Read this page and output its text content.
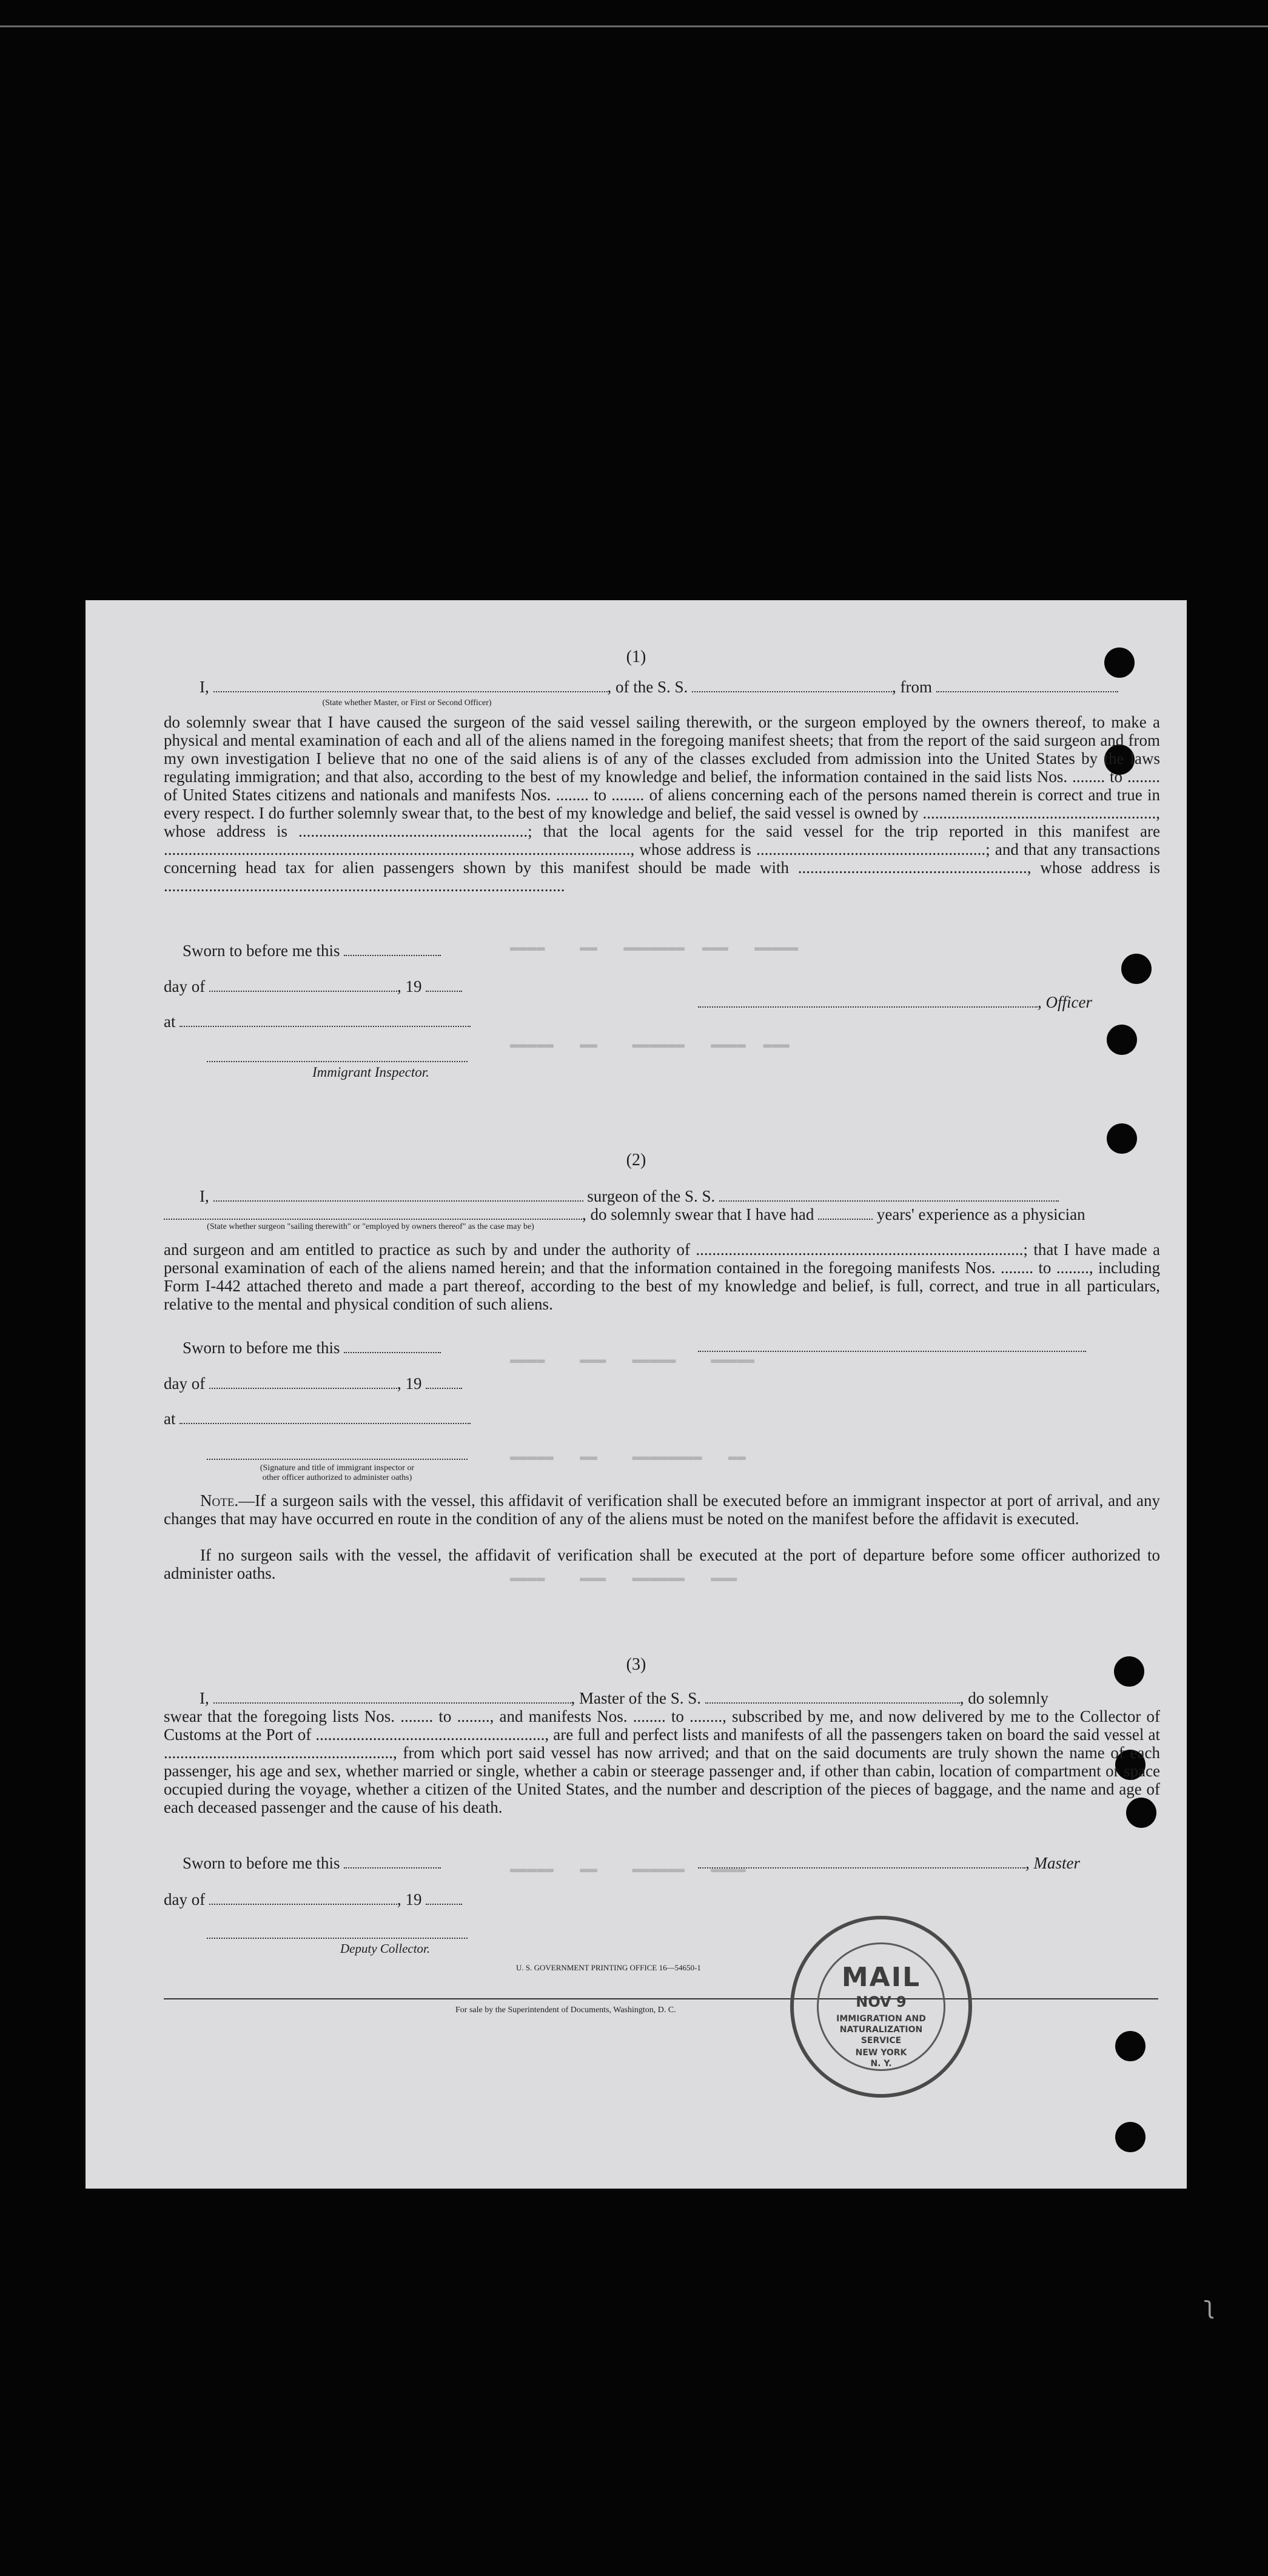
▬▬▬▬    ▬▬   ▬▬▬▬▬▬▬  ▬▬▬   ▬▬▬▬▬
▬▬▬▬▬   ▬▬    ▬▬▬▬▬▬   ▬▬▬▬  ▬▬▬
▬▬▬▬    ▬▬▬   ▬▬▬▬▬    ▬▬▬▬▬
▬▬▬▬▬   ▬▬    ▬▬▬▬▬▬▬▬   ▬▬
▬▬▬▬    ▬▬▬   ▬▬▬▬▬▬   ▬▬▬
▬▬▬▬▬   ▬▬    ▬▬▬▬▬▬   ▬▬▬▬
(1)
I,	, of the S. S.	, from
(State whether Master, or First or Second Officer)
do solemnly swear that I have caused the surgeon of the said vessel sailing therewith, or the surgeon employed by the owners thereof, to make a physical and mental examination of each and all of the aliens named in the foregoing manifest sheets; that from the report of the said surgeon and from my own investigation I believe that no one of the said aliens is of any of the classes excluded from admission into the United States by the laws regulating immigration; and that also, according to the best of my knowledge and belief, the information contained in the said lists Nos. ........ to ........ of United States citizens and nationals and manifests Nos. ........ to ........ of aliens concerning each of the persons named therein is correct and true in every respect. I do further solemnly swear that, to the best of my knowledge and belief, the said vessel is owned by ........................................................., whose address is ........................................................; that the local agents for the said vessel for the trip reported in this manifest are .................................................................................................................., whose address is ........................................................; and that any transactions concerning head tax for alien passengers shown by this manifest should be made with ........................................................, whose address is ..................................................................................................
Sworn to before me this
day of	, 19
, Officer
at
Immigrant Inspector.
(2)
I,	surgeon of the S. S.
, do solemnly swear that I have had	years' experience as a physician
(State whether surgeon "sailing therewith" or "employed by owners thereof" as the case may be)
and surgeon and am entitled to practice as such by and under the authority of ................................................................................; that I have made a personal examination of each of the aliens named herein; and that the information contained in the foregoing manifests Nos. ........ to ........, including Form I-442 attached thereto and made a part thereof, according to the best of my knowledge and belief, is full, correct, and true in all particulars, relative to the mental and physical condition of such aliens.
Sworn to before me this
day of	, 19
at
(Signature and title of immigrant inspector or
other officer authorized to administer oaths)
Note.—If a surgeon sails with the vessel, this affidavit of verification shall be executed before an immigrant inspector at port of arrival, and any changes that may have occurred en route in the condition of any of the aliens must be noted on the manifest before the affidavit is executed.
If no surgeon sails with the vessel, the affidavit of verification shall be executed at the port of departure before some officer authorized to administer oaths.
(3)
I,	, Master of the S. S.	, do solemnly
swear that the foregoing lists Nos. ........ to ........, and manifests Nos. ........ to ........, subscribed by me, and now delivered by me to the Collector of Customs at the Port of ........................................................, are full and perfect lists and manifests of all the passengers taken on board the said vessel at ........................................................, from which port said vessel has now arrived; and that on the said documents are truly shown the name of each passenger, his age and sex, whether married or single, whether a cabin or steerage passenger and, if other than cabin, location of compartment or space occupied during the voyage, whether a citizen of the United States, and the number and description of the pieces of baggage, and the name and age of each deceased passenger and the cause of his death.
Sworn to before me this	, Master
day of	, 19
Deputy Collector.
U. S. GOVERNMENT PRINTING OFFICE 16—54650-1
For sale by the Superintendent of Documents, Washington, D. C.
MAIL
NOV 9
IMMIGRATION AND
NATURALIZATION
SERVICE
NEW YORK
N. Y.
ʅ
